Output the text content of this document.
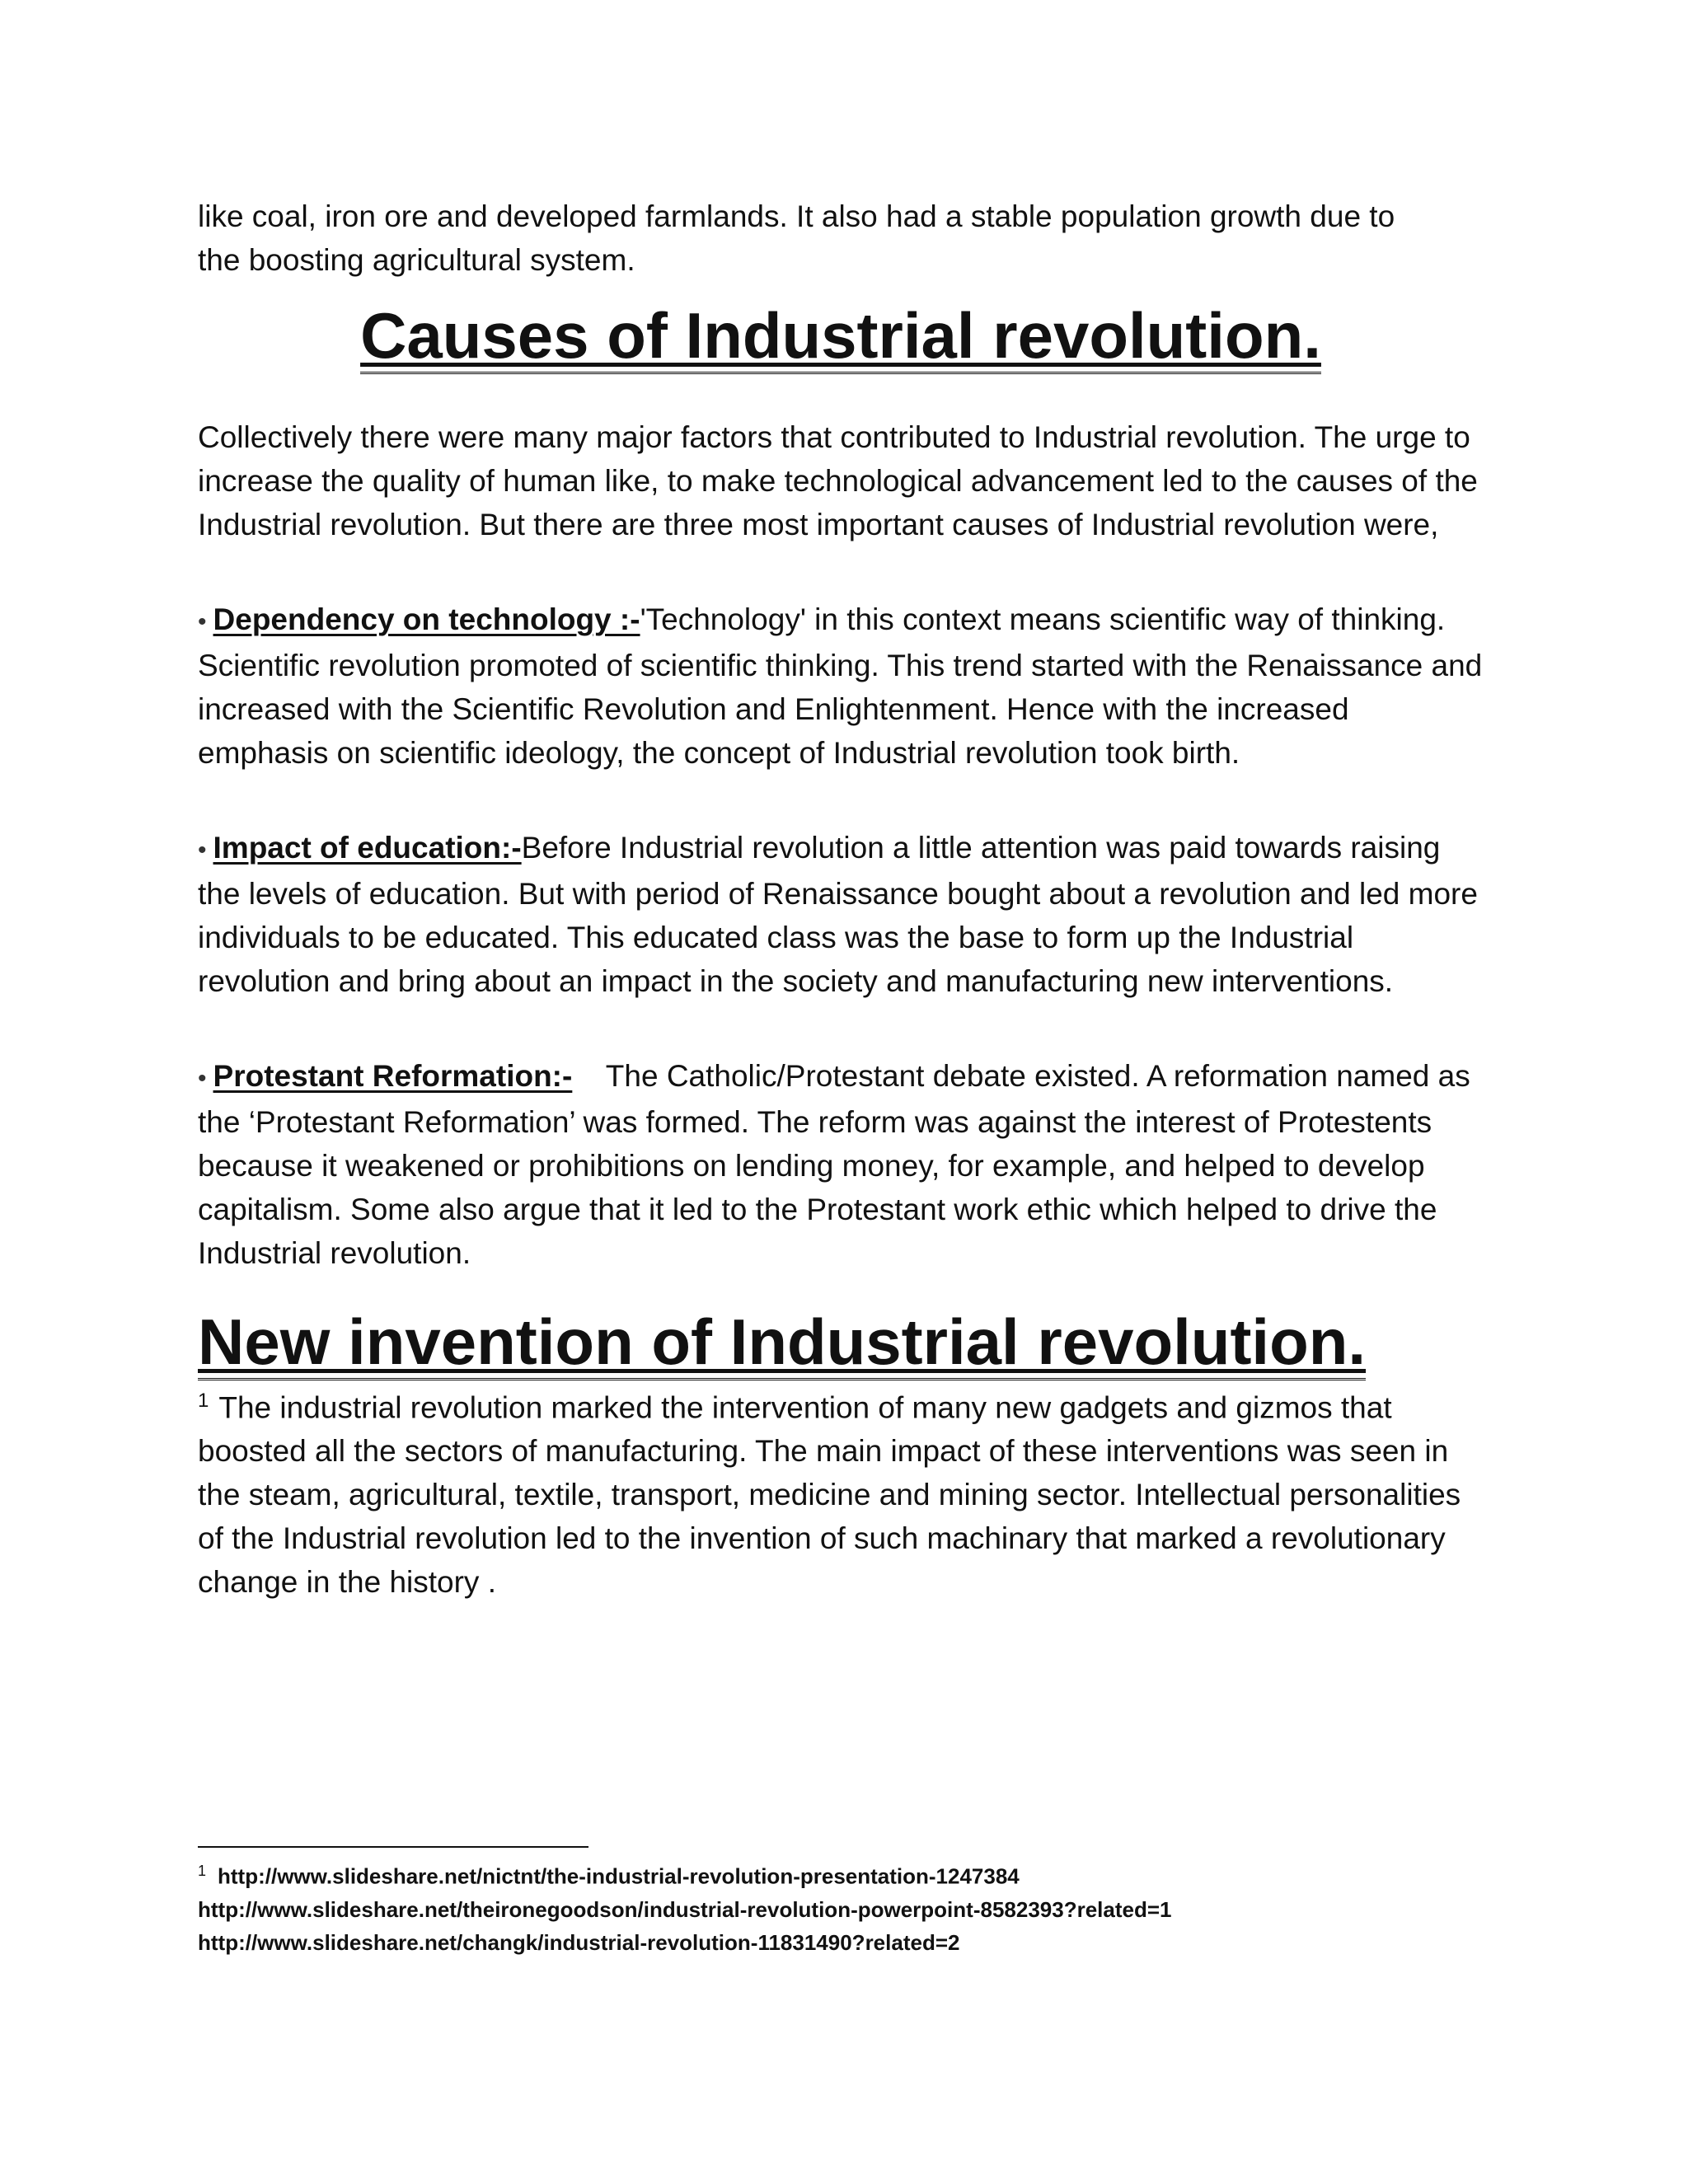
like coal, iron ore and developed farmlands. It also had a stable population growth due to
the boosting agricultural system.

Causes of Industrial revolution.

Collectively there were many major factors that contributed to Industrial revolution. The urge to increase the quality of human like, to make technological advancement led to the causes of the Industrial revolution. But there are three most important causes of Industrial revolution were,

• Dependency on technology :-'Technology' in this context means scientific way of thinking. Scientific revolution promoted of scientific thinking. This trend started with the Renaissance and increased with the Scientific Revolution and Enlightenment. Hence with the increased emphasis on scientific ideology, the concept of Industrial revolution took birth.

• Impact of education:-Before Industrial revolution a little attention was paid towards raising the levels of education. But with period of Renaissance bought about a revolution and led more individuals to be educated. This educated class was the base to form up the Industrial revolution and bring about an impact in the society and manufacturing new interventions.

• Protestant Reformation:- The Catholic/Protestant debate existed. A reformation named as the ‘Protestant Reformation’ was formed. The reform was against the interest of Protestents because it weakened or prohibitions on lending money, for example, and helped to develop capitalism. Some also argue that it led to the Protestant work ethic which helped to drive the Industrial revolution.

New invention of Industrial revolution.

$^1$ The industrial revolution marked the intervention of many new gadgets and gizmos that boosted all the sectors of manufacturing. The main impact of these interventions was seen in the steam, agricultural, textile, transport, medicine and mining sector. Intellectual personalities of the Industrial revolution led to the invention of such machinary that marked a revolutionary change in the history .

$^1$ http://www.slideshare.net/nictnt/the-industrial-revolution-presentation-1247384
http://www.slideshare.net/theironegoodson/industrial-revolution-powerpoint-8582393?related=1
http://www.slideshare.net/changk/industrial-revolution-11831490?related=2
